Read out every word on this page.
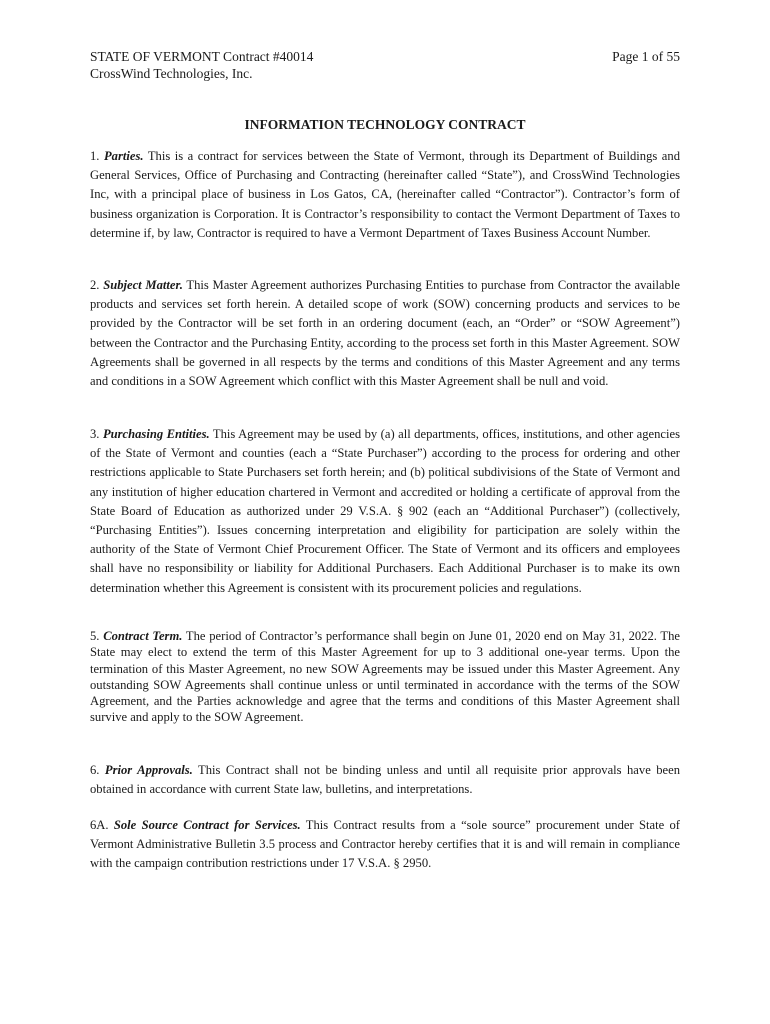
STATE OF VERMONT Contract #40014
CrossWind Technologies, Inc.
Page 1 of 55
INFORMATION TECHNOLOGY CONTRACT

1. Parties. This is a contract for services between the State of Vermont, through its Department of Buildings and General Services, Office of Purchasing and Contracting (hereinafter called “State”), and CrossWind Technologies Inc, with a principal place of business in Los Gatos, CA, (hereinafter called “Contractor”). Contractor’s form of business organization is Corporation. It is Contractor’s responsibility to contact the Vermont Department of Taxes to determine if, by law, Contractor is required to have a Vermont Department of Taxes Business Account Number.

2. Subject Matter. This Master Agreement authorizes Purchasing Entities to purchase from Contractor the available products and services set forth herein. A detailed scope of work (SOW) concerning products and services to be provided by the Contractor will be set forth in an ordering document (each, an “Order” or “SOW Agreement”) between the Contractor and the Purchasing Entity, according to the process set forth in this Master Agreement. SOW Agreements shall be governed in all respects by the terms and conditions of this Master Agreement and any terms and conditions in a SOW Agreement which conflict with this Master Agreement shall be null and void.

3. Purchasing Entities. This Agreement may be used by (a) all departments, offices, institutions, and other agencies of the State of Vermont and counties (each a “State Purchaser”) according to the process for ordering and other restrictions applicable to State Purchasers set forth herein; and (b) political subdivisions of the State of Vermont and any institution of higher education chartered in Vermont and accredited or holding a certificate of approval from the State Board of Education as authorized under 29 V.S.A. § 902 (each an “Additional Purchaser”) (collectively, “Purchasing Entities”). Issues concerning interpretation and eligibility for participation are solely within the authority of the State of Vermont Chief Procurement Officer. The State of Vermont and its officers and employees shall have no responsibility or liability for Additional Purchasers. Each Additional Purchaser is to make its own determination whether this Agreement is consistent with its procurement policies and regulations.

5. Contract Term. The period of Contractor’s performance shall begin on June 01, 2020 end on May 31, 2022. The State may elect to extend the term of this Master Agreement for up to 3 additional one-year terms. Upon the termination of this Master Agreement, no new SOW Agreements may be issued under this Master Agreement. Any outstanding SOW Agreements shall continue unless or until terminated in accordance with the terms of the SOW Agreement, and the Parties acknowledge and agree that the terms and conditions of this Master Agreement shall survive and apply to the SOW Agreement.

6. Prior Approvals. This Contract shall not be binding unless and until all requisite prior approvals have been obtained in accordance with current State law, bulletins, and interpretations.

6A. Sole Source Contract for Services. This Contract results from a “sole source” procurement under State of Vermont Administrative Bulletin 3.5 process and Contractor hereby certifies that it is and will remain in compliance with the campaign contribution restrictions under 17 V.S.A. § 2950.
